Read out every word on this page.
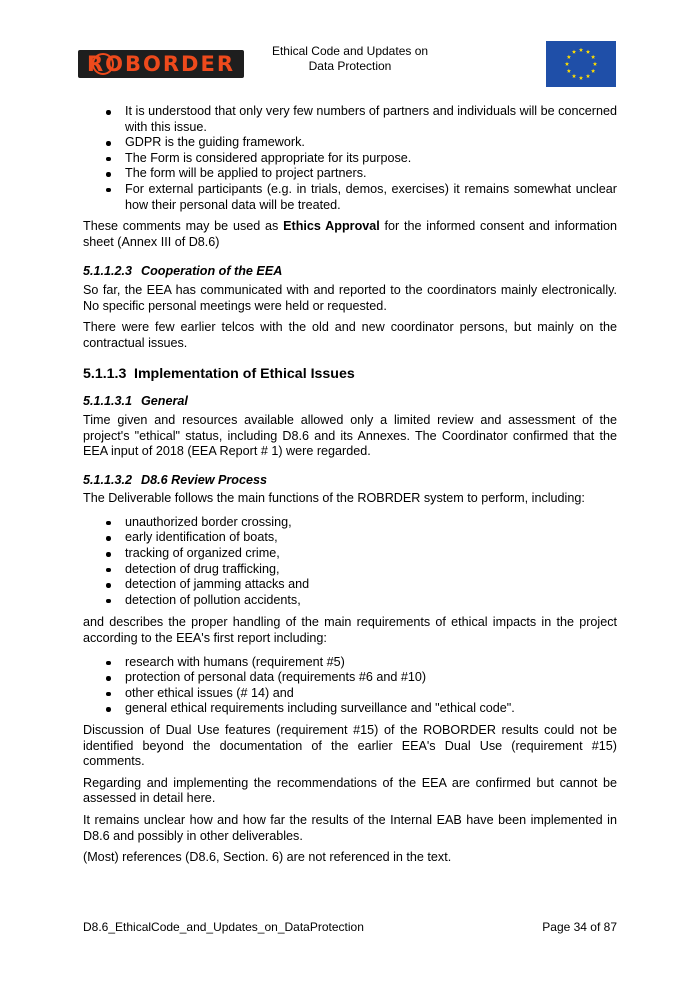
ROBORDER
Ethical Code and Updates on
Data Protection
It is understood that only very few numbers of partners and individuals will be concerned with this issue.
GDPR is the guiding framework.
The Form is considered appropriate for its purpose.
The form will be applied to project partners.
For external participants (e.g. in trials, demos, exercises) it remains somewhat unclear how their personal data will be treated.

These comments may be used as Ethics Approval for the informed consent and information sheet (Annex III of D8.6)

5.1.1.2.3 Cooperation of the EEA

So far, the EEA has communicated with and reported to the coordinators mainly electronically. No specific personal meetings were held or requested.

There were few earlier telcos with the old and new coordinator persons, but mainly on the contractual issues.

5.1.1.3 Implementation of Ethical Issues
5.1.1.3.1 General

Time given and resources available allowed only a limited review and assessment of the project's "ethical" status, including D8.6 and its Annexes. The Coordinator confirmed that the EEA input of 2018 (EEA Report # 1) were regarded.

5.1.1.3.2 D8.6 Review Process

The Deliverable follows the main functions of the ROBRDER system to perform, including:

unauthorized border crossing,
early identification of boats,
tracking of organized crime,
detection of drug trafficking,
detection of jamming attacks and
detection of pollution accidents,

and describes the proper handling of the main requirements of ethical impacts in the project according to the EEA's first report including:

research with humans (requirement #5)
protection of personal data (requirements #6 and #10)
other ethical issues (# 14) and
general ethical requirements including surveillance and "ethical code".

Discussion of Dual Use features (requirement #15) of the ROBORDER results could not be identified beyond the documentation of the earlier EEA's Dual Use (requirement #15) comments.

Regarding and implementing the recommendations of the EEA are confirmed but cannot be assessed in detail here.

It remains unclear how and how far the results of the Internal EAB have been implemented in D8.6 and possibly in other deliverables.

(Most) references (D8.6, Section. 6) are not referenced in the text.

D8.6_EthicalCode_and_Updates_on_DataProtection	Page 34 of 87
